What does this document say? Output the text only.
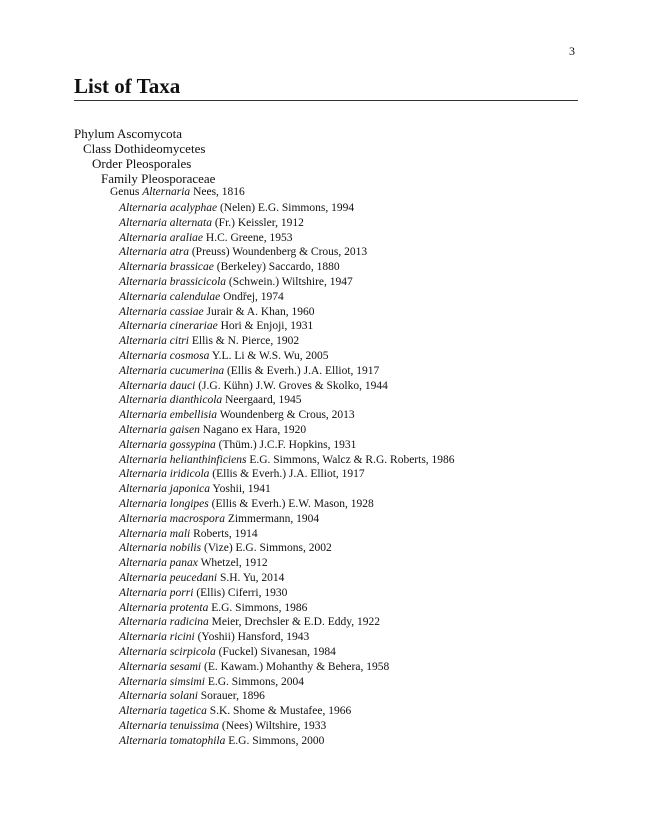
3
List of Taxa
Phylum Ascomycota
Class Dothideomycetes
Order Pleosporales
Family Pleosporaceae
Genus Alternaria Nees, 1816
Alternaria acalyphae (Nelen) E.G. Simmons, 1994
Alternaria alternata (Fr.) Keissler, 1912
Alternaria araliae H.C. Greene, 1953
Alternaria atra (Preuss) Woundenberg & Crous, 2013
Alternaria brassicae (Berkeley) Saccardo, 1880
Alternaria brassicicola (Schwein.) Wiltshire, 1947
Alternaria calendulae Ondřej, 1974
Alternaria cassiae Jurair & A. Khan, 1960
Alternaria cinerariae Hori & Enjoji, 1931
Alternaria citri Ellis & N. Pierce, 1902
Alternaria cosmosa Y.L. Li & W.S. Wu, 2005
Alternaria cucumerina (Ellis & Everh.) J.A. Elliot, 1917
Alternaria dauci (J.G. Kühn) J.W. Groves & Skolko, 1944
Alternaria dianthicola Neergaard, 1945
Alternaria embellisia Woundenberg & Crous, 2013
Alternaria gaisen Nagano ex Hara, 1920
Alternaria gossypina (Thüm.) J.C.F. Hopkins, 1931
Alternaria helianthinficiens E.G. Simmons, Walcz & R.G. Roberts, 1986
Alternaria iridicola (Ellis & Everh.) J.A. Elliot, 1917
Alternaria japonica Yoshii, 1941
Alternaria longipes (Ellis & Everh.) E.W. Mason, 1928
Alternaria macrospora Zimmermann, 1904
Alternaria mali Roberts, 1914
Alternaria nobilis (Vize) E.G. Simmons, 2002
Alternaria panax Whetzel, 1912
Alternaria peucedani S.H. Yu, 2014
Alternaria porri (Ellis) Ciferri, 1930
Alternaria protenta E.G. Simmons, 1986
Alternaria radicina Meier, Drechsler & E.D. Eddy, 1922
Alternaria ricini (Yoshii) Hansford, 1943
Alternaria scirpicola (Fuckel) Sivanesan, 1984
Alternaria sesami (E. Kawam.) Mohanthy & Behera, 1958
Alternaria simsimi E.G. Simmons, 2004
Alternaria solani Sorauer, 1896
Alternaria tagetica S.K. Shome & Mustafee, 1966
Alternaria tenuissima (Nees) Wiltshire, 1933
Alternaria tomatophila E.G. Simmons, 2000
